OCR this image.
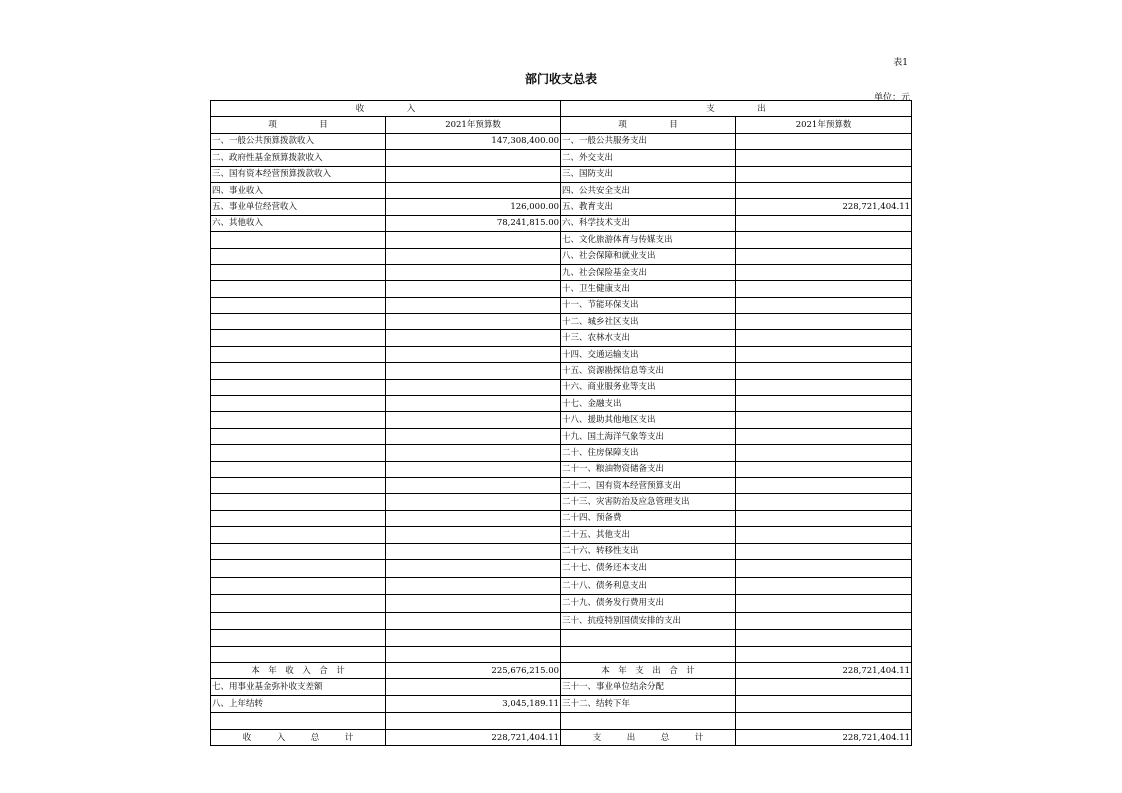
表1
部门收支总表
单位：元
收　　　　　入		支　　　　　出	
项　　　　　目	2021年预算数	项　　　　　目	2021年预算数
一、一般公共预算拨款收入	147,308,400.00	一、一般公共服务支出	
二、政府性基金预算拨款收入		二、外交支出	
三、国有资本经营预算拨款收入		三、国防支出	
四、事业收入		四、公共安全支出	
五、事业单位经营收入	126,000.00	五、教育支出	228,721,404.11
六、其他收入	78,241,815.00	六、科学技术支出	
		七、文化旅游体育与传媒支出	
		八、社会保障和就业支出	
		九、社会保险基金支出	
		十、卫生健康支出	
		十一、节能环保支出	
		十二、城乡社区支出	
		十三、农林水支出	
		十四、交通运输支出	
		十五、资源勘探信息等支出	
		十六、商业服务业等支出	
		十七、金融支出	
		十八、援助其他地区支出	
		十九、国土海洋气象等支出	
		二十、住房保障支出	
		二十一、粮油物资储备支出	
		二十二、国有资本经营预算支出	
		二十三、灾害防治及应急管理支出	
		二十四、预备费	
		二十五、其他支出	
		二十六、转移性支出	
		二十七、债务还本支出	
		二十八、债务利息支出	
		二十九、债务发行费用支出	
		三十、抗疫特别国债安排的支出	

本　年　收　入　合　计	225,676,215.00	本　年　支　出　合　计	228,721,404.11
七、用事业基金弥补收支差额		三十一、事业单位结余分配	
八、上年结转	3,045,189.11	三十二、结转下年	

收　　　入　　　总　　　计	228,721,404.11	支　　　出　　　总　　　计	228,721,404.11
